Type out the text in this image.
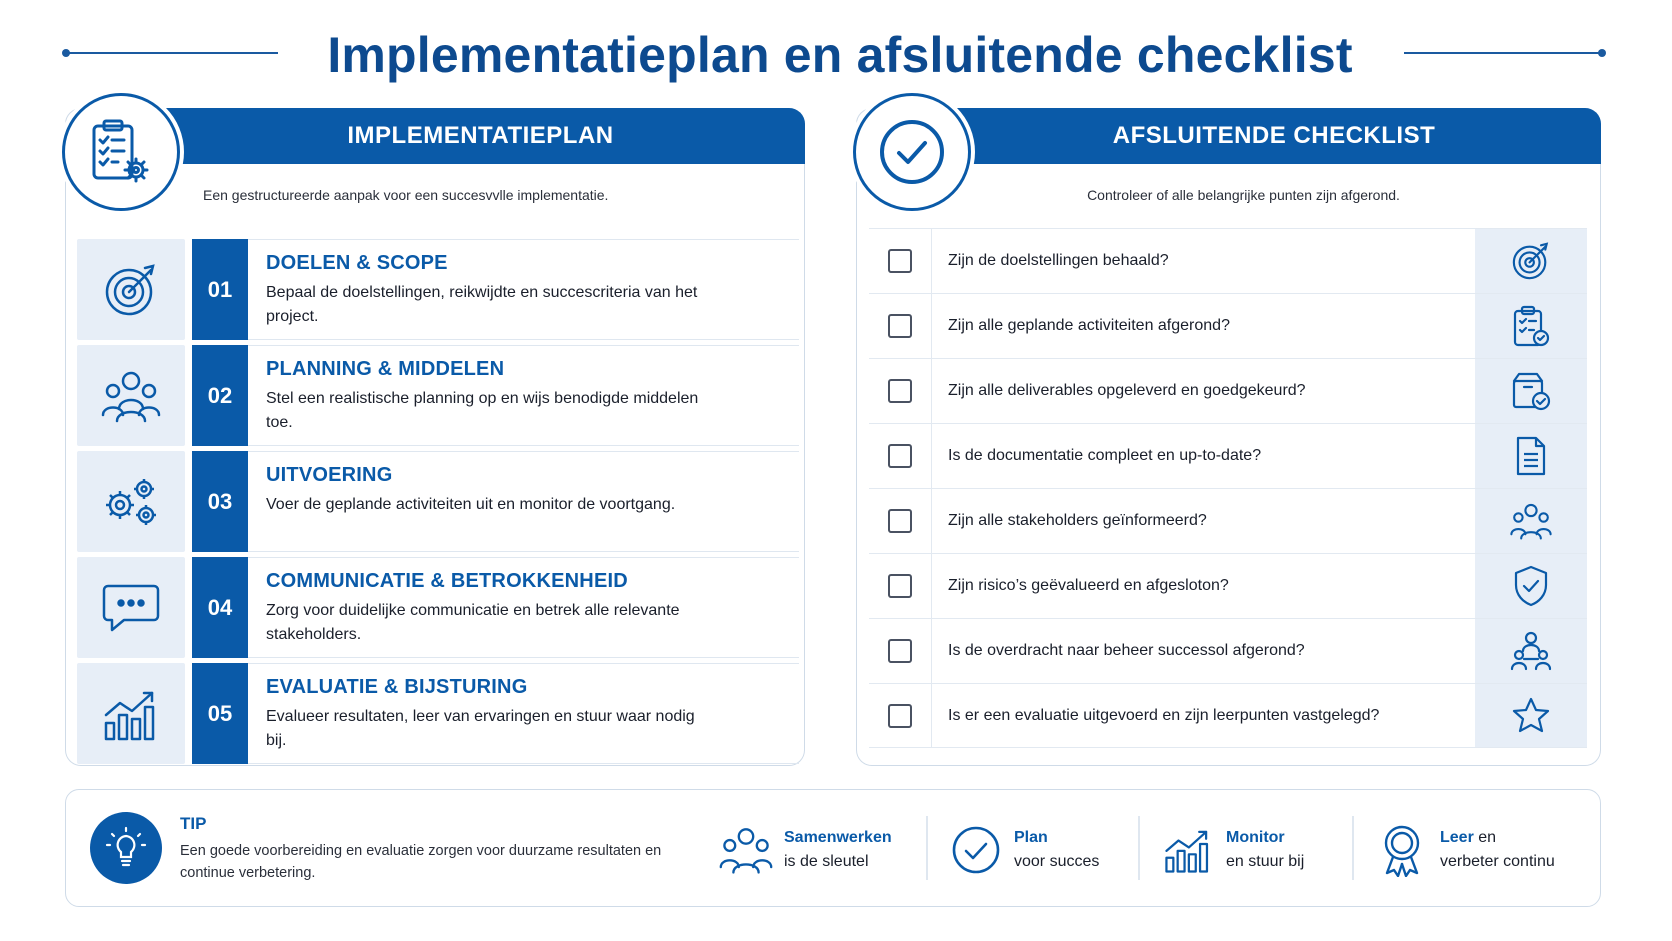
Implementatieplan en afsluitende checklist
IMPLEMENTATIEPLAN
Een gestructureerde aanpak voor een succesvvlle implementatie.
01
DOELEN & SCOPE
Bepaal de doelstellingen, reikwijdte en succescriteria van het project.
02
PLANNING & MIDDELEN
Stel een realistische planning op en wijs benodigde middelen toe.
03
UITVOERING
Voer de geplande activiteiten uit en monitor de voortgang.
04
COMMUNICATIE & BETROKKENHEID
Zorg voor duidelijke communicatie en betrek alle relevante stakeholders.
05
EVALUATIE & BIJSTURING
Evalueer resultaten, leer van ervaringen en stuur waar nodig bij.
AFSLUITENDE CHECKLIST
Controleer of alle belangrijke punten zijn afgerond.
Zijn de doelstellingen behaald?
Zijn alle geplande activiteiten afgerond?
Zijn alle deliverables opgeleverd en goedgekeurd?
Is de documentatie compleet en up-to-date?
Zijn alle stakeholders geïnformeerd?
Zijn risico’s geëvalueerd en afgesloton?
Is de overdracht naar beheer successol afgerond?
Is er een evaluatie uitgevoerd en zijn leerpunten vastgelegd?
TIP
Een goede voorbereiding en evaluatie zorgen voor duurzame resultaten en continue verbetering.
Samenwerken
is de sleutel
Plan
voor succes
Monitor
en stuur bij
Leer en
verbeter continu
